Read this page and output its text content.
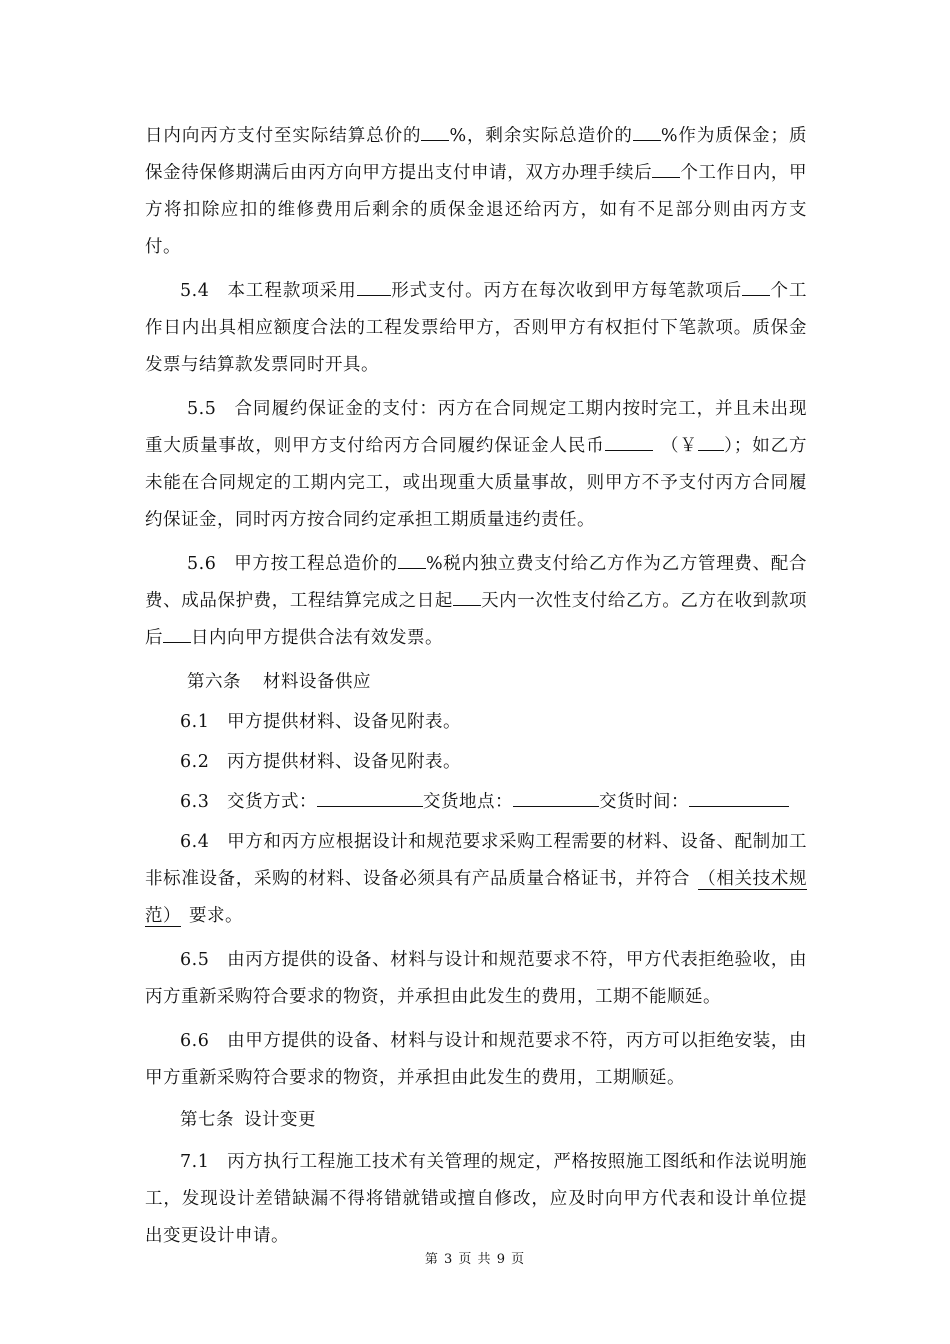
日内向丙方支付至实际结算总价的 %，剩余实际总造价的 %作为质保金；质保金待保修期满后由丙方向甲方提出支付申请，双方办理手续后 个工作日内，甲方将扣除应扣的维修费用后剩余的质保金退还给丙方，如有不足部分则由丙方支付。

5.4 本工程款项采用 形式支付。丙方在每次收到甲方每笔款项后 个工作日内出具相应额度合法的工程发票给甲方，否则甲方有权拒付下笔款项。质保金发票与结算款发票同时开具。

5.5 合同履约保证金的支付：丙方在合同规定工期内按时完工，并且未出现重大质量事故，则甲方支付给丙方合同履约保证金人民币	（￥ ）；如乙方未能在合同规定的工期内完工，或出现重大质量事故，则甲方不予支付丙方合同履约保证金，同时丙方按合同约定承担工期质量违约责任。

5.6 甲方按工程总造价的 %税内独立费支付给乙方作为乙方管理费、配合费、成品保护费，工程结算完成之日起 天内一次性支付给乙方。乙方在收到款项后 日内向甲方提供合法有效发票。

第六条 材料设备供应

6.1 甲方提供材料、设备见附表。

6.2 丙方提供材料、设备见附表。

6.3 交货方式：	交货地点：	交货时间：

6.4 甲方和丙方应根据设计和规范要求采购工程需要的材料、设备、配制加工非标准设备，采购的材料、设备必须具有产品质量合格证书，并符合 （相关技术规范） 要求。

6.5 由丙方提供的设备、材料与设计和规范要求不符，甲方代表拒绝验收，由丙方重新采购符合要求的物资，并承担由此发生的费用，工期不能顺延。

6.6 由甲方提供的设备、材料与设计和规范要求不符，丙方可以拒绝安装，由甲方重新采购符合要求的物资，并承担由此发生的费用，工期顺延。

第七条 设计变更

7.1 丙方执行工程施工技术有关管理的规定，严格按照施工图纸和作法说明施工，发现设计差错缺漏不得将错就错或擅自修改，应及时向甲方代表和设计单位提出变更设计申请。

第 3 页 共 9 页
